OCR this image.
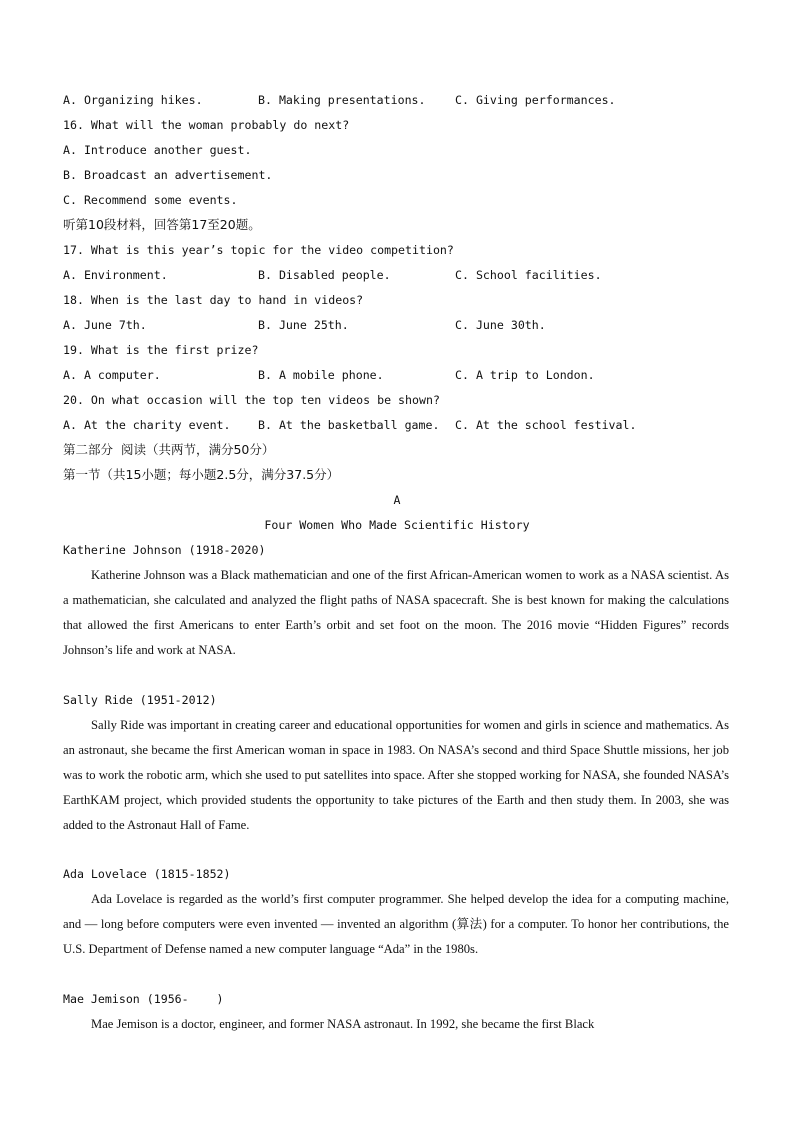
A. Organizing hikes.	B. Making presentations.	C. Giving performances.
16. What will the woman probably do next?
A. Introduce another guest.
B. Broadcast an advertisement.
C. Recommend some events.
听第10段材料，回答第17至20题。
17. What is this year’s topic for the video competition?
A. Environment.	B. Disabled people.	C. School facilities.
18. When is the last day to hand in videos?
A. June 7th.	B. June 25th.	C. June 30th.
19. What is the first prize?
A. A computer.	B. A mobile phone.	C. A trip to London.
20. On what occasion will the top ten videos be shown?
A. At the charity event. B. At the basketball game. C. At the school festival.
第二部分  阅读（共两节，满分50分）
第一节（共15小题；每小题2.5分，满分37.5分）
A
Four Women Who Made Scientific History
Katherine Johnson (1918-2020)
Katherine Johnson was a Black mathematician and one of the first African-American women to work as a NASA scientist. As a mathematician, she calculated and analyzed the flight paths of NASA spacecraft. She is best known for making the calculations that allowed the first Americans to enter Earth’s orbit and set foot on the moon. The 2016 movie “Hidden Figures” records Johnson’s life and work at NASA.
Sally Ride (1951-2012)
Sally Ride was important in creating career and educational opportunities for women and girls in science and mathematics. As an astronaut, she became the first American woman in space in 1983. On NASA’s second and third Space Shuttle missions, her job was to work the robotic arm, which she used to put satellites into space. After she stopped working for NASA, she founded NASA’s EarthKAM project, which provided students the opportunity to take pictures of the Earth and then study them. In 2003, she was added to the Astronaut Hall of Fame.
Ada Lovelace (1815-1852)
Ada Lovelace is regarded as the world’s first computer programmer. She helped develop the idea for a computing machine, and — long before computers were even invented — invented an algorithm (算法) for a computer. To honor her contributions, the U.S. Department of Defense named a new computer language “Ada” in the 1980s.
Mae Jemison (1956-    )
Mae Jemison is a doctor, engineer, and former NASA astronaut. In 1992, she became the first Black
